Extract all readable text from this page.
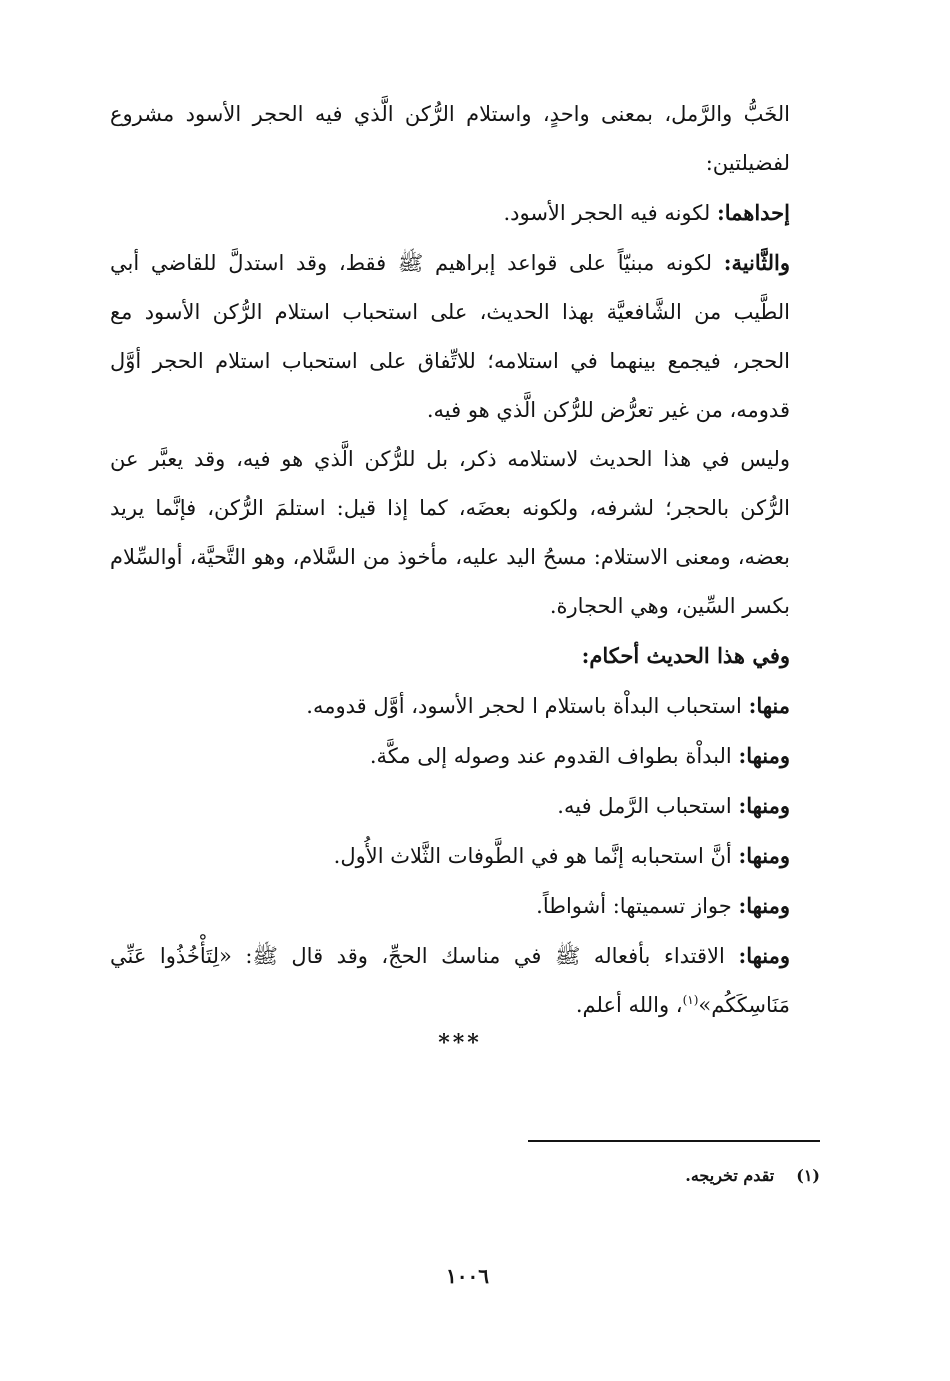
الخَبُّ والرَّمل، بمعنى واحدٍ، واستلام الرُّكن الَّذي فيه الحجر الأسود مشروع لفضيلتين:

إحداهما: لكونه فيه الحجر الأسود.

والثَّانية: لكونه مبنيّاً على قواعد إبراهيم ﷺ فقط، وقد استدلَّ للقاضي أبي الطَّيب من الشَّافعيَّة بهذا الحديث، على استحباب استلام الرُّكن الأسود مع الحجر، فيجمع بينهما في استلامه؛ للاتِّفاق على استحباب استلام الحجر أوَّل قدومه، من غير تعرُّض للرُّكن الَّذي هو فيه.

وليس في هذا الحديث لاستلامه ذكر، بل للرُّكن الَّذي هو فيه، وقد يعبَّر عن الرُّكن بالحجر؛ لشرفه، ولكونه بعضَه، كما إذا قيل: استلمَ الرُّكن، فإنَّما يريد بعضه، ومعنى الاستلام: مسحُ اليد عليه، مأخوذ من السَّلام، وهو التَّحيَّة، أوالسِّلام بكسر السِّين، وهي الحجارة.

وفي هذا الحديث أحكام:

منها: استحباب البداْة باستلام ا لحجر الأسود، أوَّل قدومه.

ومنها: البداْة بطواف القدوم عند وصوله إلى مكَّة.

ومنها: استحباب الرَّمل فيه.

ومنها: أنَّ استحبابه إنَّما هو في الطَّوفات الثَّلاث الأُول.

ومنها: جواز تسميتها: أشواطاً.

ومنها: الاقتداء بأفعاله ﷺ في مناسك الحجِّ، وقد قال ﷺ: «لِتَأْخُذُوا عَنِّي مَنَاسِكَكُم»$^{(١)}$، والله أعلم.

***
(١)تقدم تخريجه.
١٠٠٦
